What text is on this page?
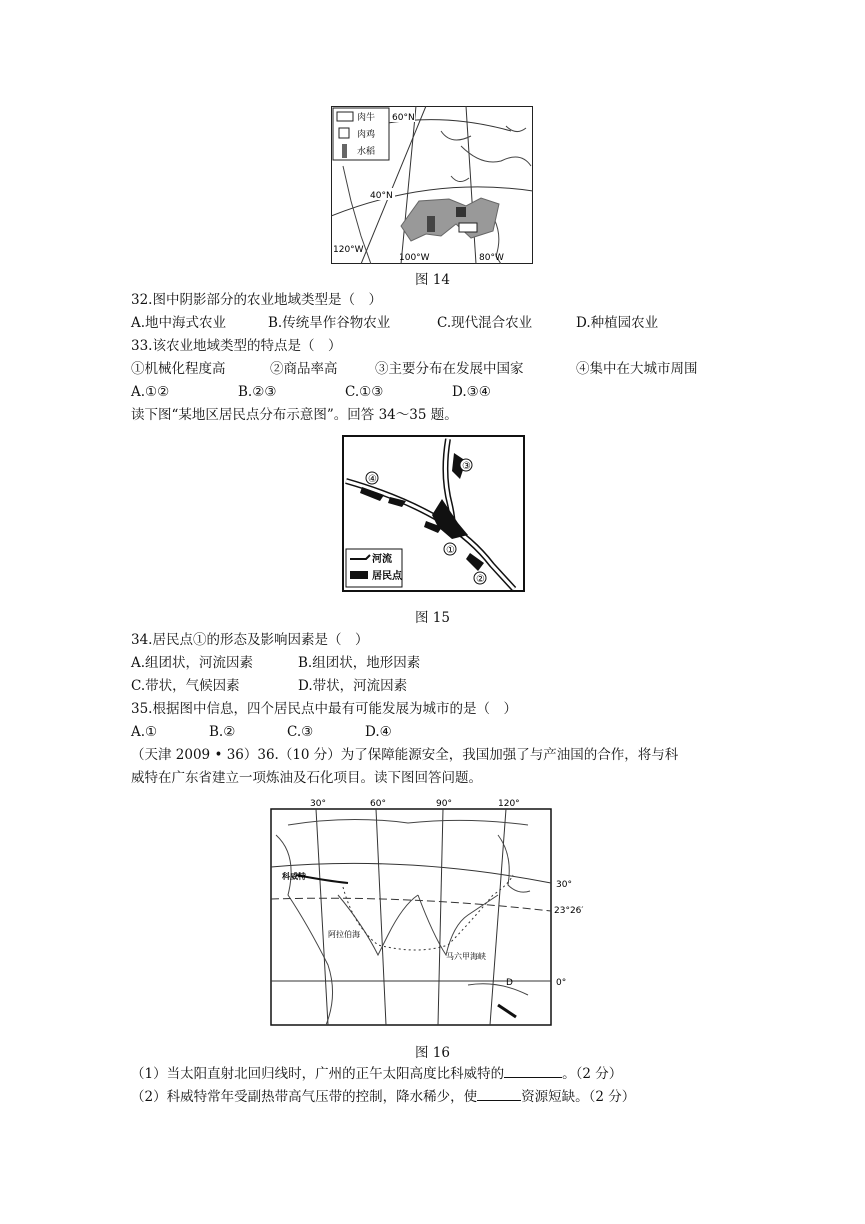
肉牛
肉鸡
水稻
60°N
40°N
120°W
100°W	80°W
图 14
32.图中阴影部分的农业地域类型是（　）
A.地中海式农业	B.传统旱作谷物农业	C.现代混合农业	D.种植园农业
33.该农业地域类型的特点是（　）
①机械化程度高	②商品率高	③主要分布在发展中国家	④集中在大城市周围
A.①②	B.②③	C.①③	D.③④
读下图“某地区居民点分布示意图”。回答 34～35 题。
④
①
③
②
河流
居民点
图 15
34.居民点①的形态及影响因素是（　）
A.组团状，河流因素	B.组团状，地形因素
C.带状，气候因素	D.带状，河流因素
35.根据图中信息，四个居民点中最有可能发展为城市的是（　）
A.①	B.②	C.③	D.④
（天津 2009 • 36）36.（10 分）为了保障能源安全，我国加强了与产油国的合作，将与科
威特在广东省建立一项炼油及石化项目。读下图回答问题。
30°	60°	90°	120°
30°
23°26′
0°
科威特
阿拉伯海
马六甲海峡
D
图 16
（1）当太阳直射北回归线时，广州的正午太阳高度比科威特的	。（2 分）
（2）科威特常年受副热带高气压带的控制，降水稀少，使	资源短缺。（2 分）
